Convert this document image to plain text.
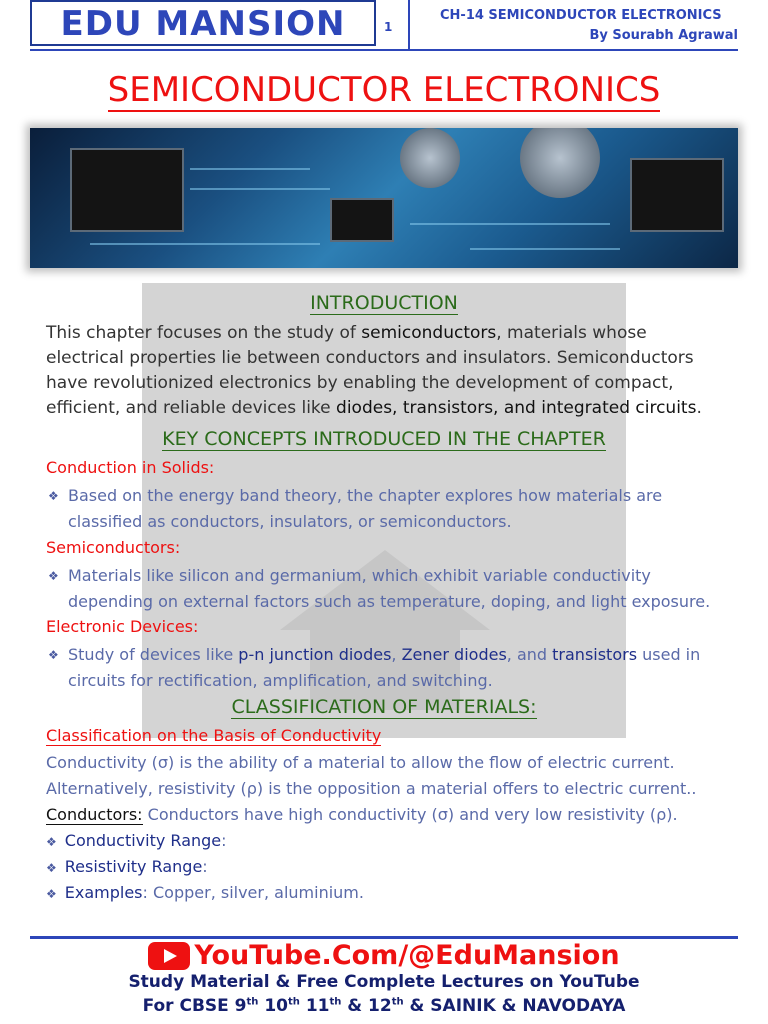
EDU MANSION	1
CH-14 SEMICONDUCTOR ELECTRONICS
By Sourabh Agrawal
SEMICONDUCTOR ELECTRONICS
INTRODUCTION
This chapter focuses on the study of semiconductors, materials whose electrical properties lie between conductors and insulators. Semiconductors have revolutionized electronics by enabling the development of compact, efficient, and reliable devices like diodes, transistors, and integrated circuits.
KEY CONCEPTS INTRODUCED IN THE CHAPTER
Conduction in Solids:
❖ Based on the energy band theory, the chapter explores how materials are classified as conductors, insulators, or semiconductors.
Semiconductors:
❖ Materials like silicon and germanium, which exhibit variable conductivity depending on external factors such as temperature, doping, and light exposure.
Electronic Devices:
❖ Study of devices like p-n junction diodes, Zener diodes, and transistors used in circuits for rectification, amplification, and switching.
CLASSIFICATION OF MATERIALS:
Classification on the Basis of Conductivity
Conductivity (σ) is the ability of a material to allow the flow of electric current.
Alternatively, resistivity (ρ) is the opposition a material offers to electric current..
Conductors: Conductors have high conductivity (σ) and very low resistivity (ρ).
❖ Conductivity Range:
❖ Resistivity Range:
❖ Examples: Copper, silver, aluminium.
YouTube.Com/@EduMansion
Study Material & Free Complete Lectures on YouTube
For CBSE 9th 10th 11th & 12th & SAINIK & NAVODAYA
